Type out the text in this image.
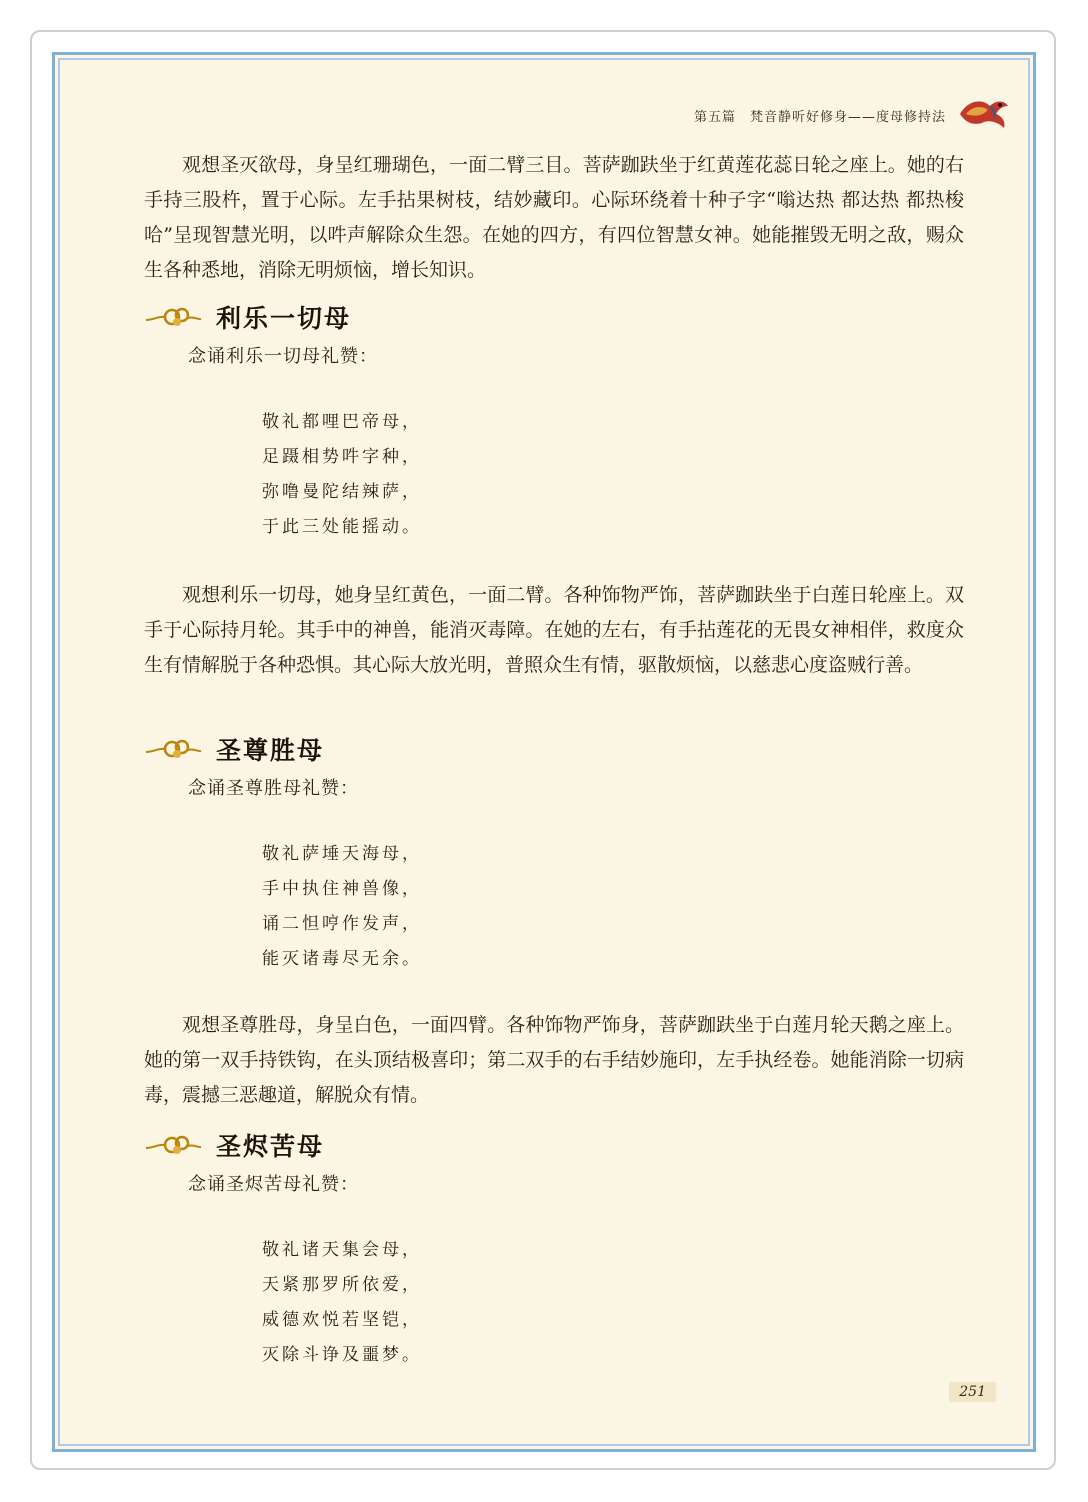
第五篇 梵音静听好修身——度母修持法

观想圣灭欲母，身呈红珊瑚色，一面二臂三目。菩萨跏趺坐于红黄莲花蕊日轮之座上。她的右手持三股杵，置于心际。左手拈果树枝，结妙藏印。心际环绕着十种子字“嗡达热 都达热 都热梭哈”呈现智慧光明，以吽声解除众生怨。在她的四方，有四位智慧女神。她能摧毁无明之敌，赐众生各种悉地，消除无明烦恼，增长知识。

利乐一切母
念诵利乐一切母礼赞：
敬礼都哩巴帝母，
足蹑相势吽字种，
弥噜曼陀结辣萨，
于此三处能摇动。

观想利乐一切母，她身呈红黄色，一面二臂。各种饰物严饰，菩萨跏趺坐于白莲日轮座上。双手于心际持月轮。其手中的神兽，能消灭毒障。在她的左右，有手拈莲花的无畏女神相伴，救度众生有情解脱于各种恐惧。其心际大放光明，普照众生有情，驱散烦恼，以慈悲心度盗贼行善。

圣尊胜母
念诵圣尊胜母礼赞：
敬礼萨埵天海母，
手中执住神兽像，
诵二怛哼作发声，
能灭诸毒尽无余。

观想圣尊胜母，身呈白色，一面四臂。各种饰物严饰身，菩萨跏趺坐于白莲月轮天鹅之座上。她的第一双手持铁钩，在头顶结极喜印；第二双手的右手结妙施印，左手执经卷。她能消除一切病毒，震撼三恶趣道，解脱众有情。

圣烬苦母
念诵圣烬苦母礼赞：
敬礼诸天集会母，
天紧那罗所依爱，
威德欢悦若坚铠，
灭除斗诤及噩梦。
251
